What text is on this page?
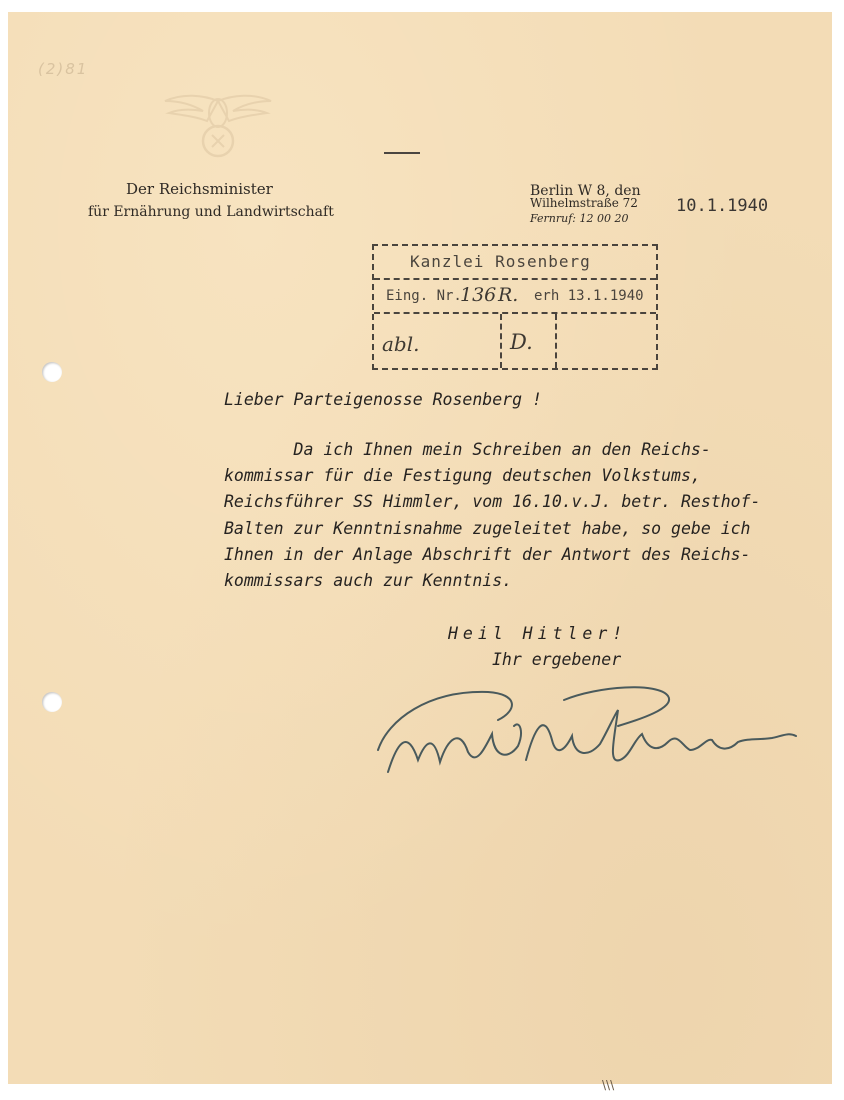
(2)81
Der Reichsminister
für Ernährung und Landwirtschaft
Berlin W 8, den
Wilhelmstraße 72
Fernruf: 12 00 20
10.1.1940
Kanzlei Rosenberg
Eing. Nr.
136 R. erh 13.1.1940
abl.	D.
Lieber Parteigenosse Rosenberg !
Da ich Ihnen mein Schreiben an den Reichs-
kommissar für die Festigung deutschen Volkstums,
Reichsführer SS Himmler, vom 16.10.v.J. betr. Resthof-
Balten zur Kenntnisnahme zugeleitet habe, so gebe ich
Ihnen in der Anlage Abschrift der Antwort des Reichs-
kommissars auch zur Kenntnis.
Heil Hitler!
Ihr ergebener
\\\
